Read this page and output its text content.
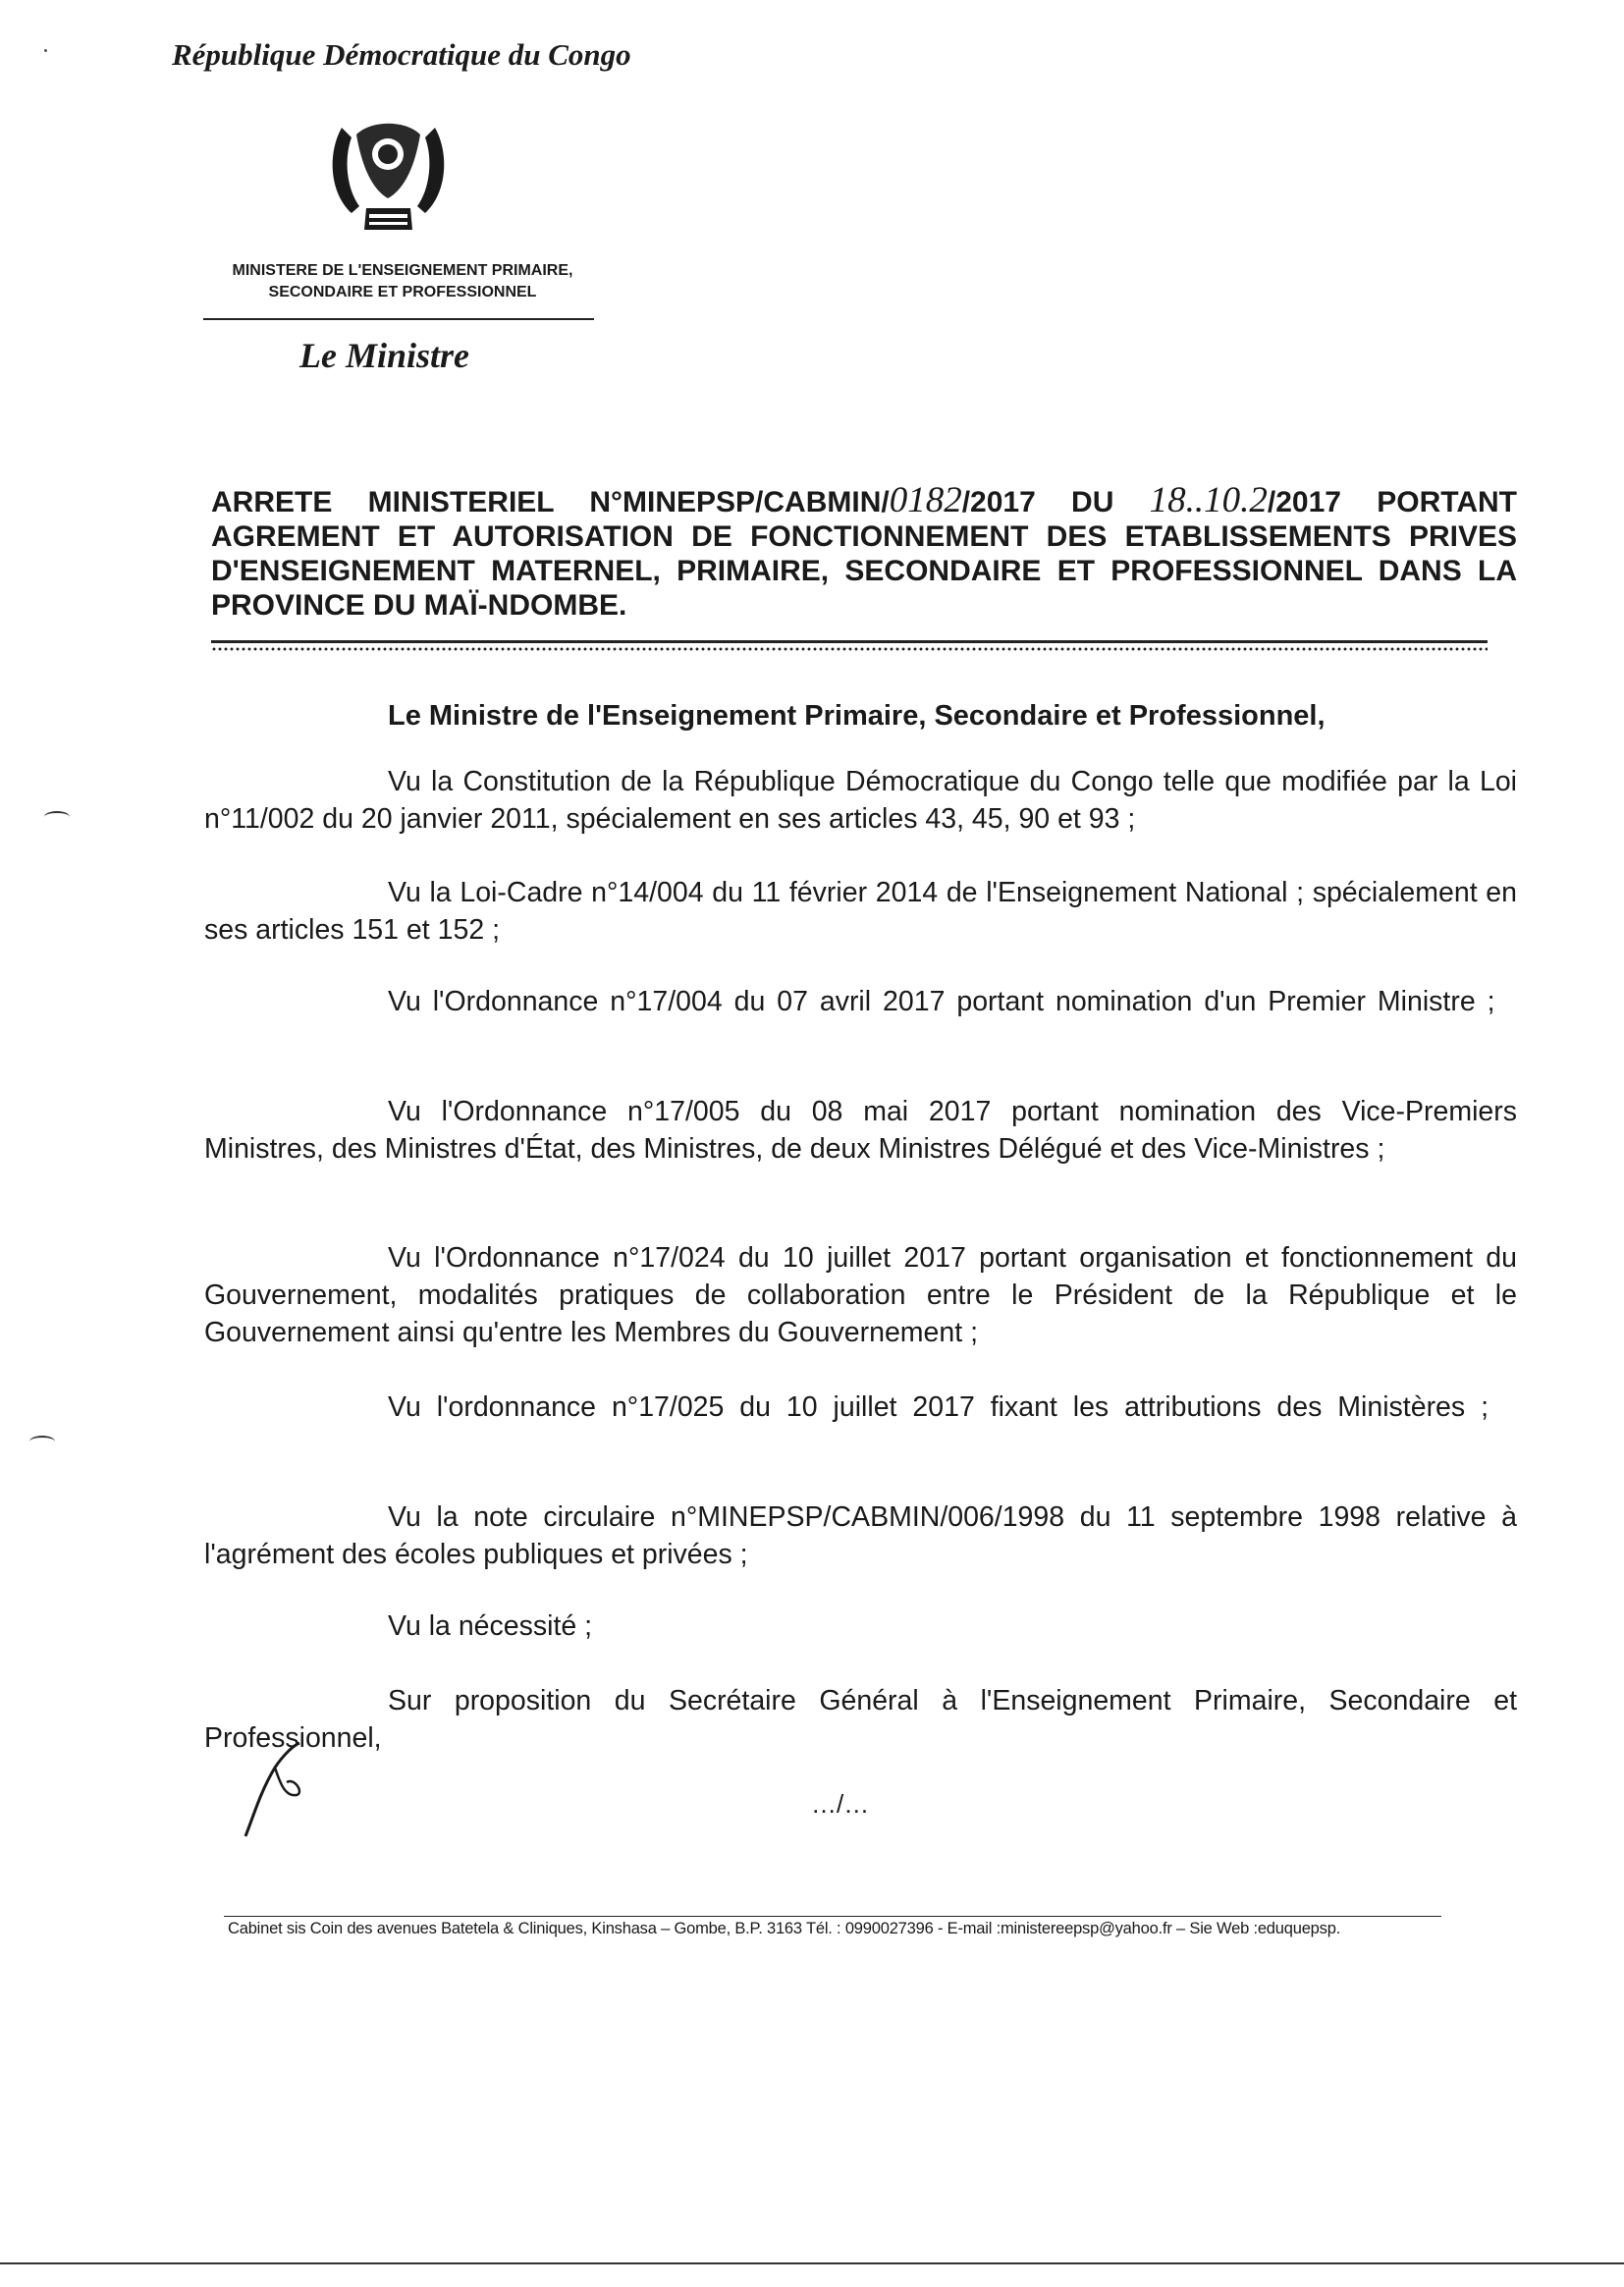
République Démocratique du Congo
MINISTERE DE L'ENSEIGNEMENT PRIMAIRE,
SECONDAIRE ET PROFESSIONNEL
Le Ministre
ARRETE MINISTERIEL N°MINEPSP/CABMIN/0182/2017 DU 18..10.2/2017 PORTANT AGREMENT ET AUTORISATION DE FONCTIONNEMENT DES ETABLISSEMENTS PRIVES D'ENSEIGNEMENT MATERNEL, PRIMAIRE, SECONDAIRE ET PROFESSIONNEL DANS LA PROVINCE DU MAÏ-NDOMBE.
Le Ministre de l'Enseignement Primaire, Secondaire et Professionnel,

Vu la Constitution de la République Démocratique du Congo telle que modifiée par la Loi n°11/002 du 20 janvier 2011, spécialement en ses articles 43, 45, 90 et 93 ;

Vu la Loi-Cadre n°14/004 du 11 février 2014 de l'Enseignement National ; spécialement en ses articles 151 et 152 ;

Vu l'Ordonnance n°17/004 du 07 avril 2017 portant nomination d'un Premier Ministre ;

Vu l'Ordonnance n°17/005 du 08 mai 2017 portant nomination des Vice-Premiers Ministres, des Ministres d'État, des Ministres, de deux Ministres Délégué et des Vice-Ministres ;

Vu l'Ordonnance n°17/024 du 10 juillet 2017 portant organisation et fonctionnement du Gouvernement, modalités pratiques de collaboration entre le Président de la République et le Gouvernement ainsi qu'entre les Membres du Gouvernement ;

Vu l'ordonnance n°17/025 du 10 juillet 2017 fixant les attributions des Ministères ;

Vu la note circulaire n°MINEPSP/CABMIN/006/1998 du 11 septembre 1998 relative à l'agrément des écoles publiques et privées ;

Vu la nécessité ;

Sur proposition du Secrétaire Général à l'Enseignement Primaire, Secondaire et Professionnel,

…/…
Cabinet sis Coin des avenues Batetela & Cliniques, Kinshasa – Gombe, B.P. 3163 Tél. : 0990027396 - E-mail :ministereepsp@yahoo.fr – Sie Web :eduquepsp.
